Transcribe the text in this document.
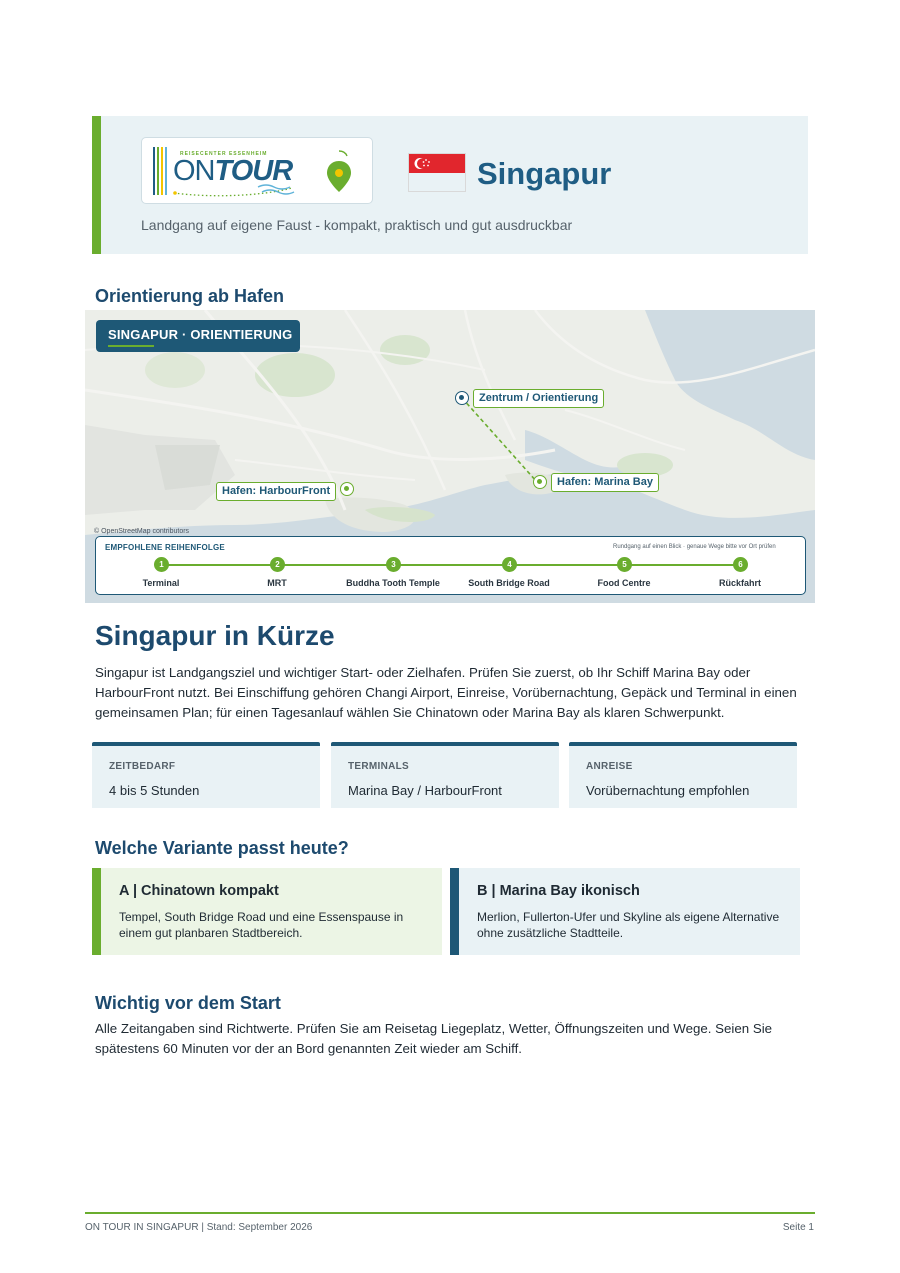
REISECENTER ESSENHEIM
ONTOUR	Singapur
Landgang auf eigene Faust - kompakt, praktisch und gut ausdruckbar
Orientierung ab Hafen
SINGAPUR · ORIENTIERUNG
Zentrum / Orientierung
Hafen: Marina Bay
Hafen: HarbourFront
© OpenStreetMap contributors
EMPFOHLENE REIHENFOLGE	Rundgang auf einen Blick · genaue Wege bitte vor Ort prüfen
1
Terminal
2
MRT
3
Buddha Tooth Temple
4
South Bridge Road
5
Food Centre
6
Rückfahrt
Singapur in Kürze

Singapur ist Landgangsziel und wichtiger Start- oder Zielhafen. Prüfen Sie zuerst, ob Ihr Schiff Marina Bay oder HarbourFront nutzt. Bei Einschiffung gehören Changi Airport, Einreise, Vorübernachtung, Gepäck und Terminal in einen gemeinsamen Plan; für einen Tagesanlauf wählen Sie Chinatown oder Marina Bay als klaren Schwerpunkt.

ZEITBEDARF
4 bis 5 Stunden
TERMINALS
Marina Bay / HarbourFront
ANREISE
Vorübernachtung empfohlen
Welche Variante passt heute?
A | Chinatown kompakt
Tempel, South Bridge Road und eine Essenspause in einem gut planbaren Stadtbereich.
B | Marina Bay ikonisch
Merlion, Fullerton-Ufer und Skyline als eigene Alternative ohne zusätzliche Stadtteile.
Wichtig vor dem Start

Alle Zeitangaben sind Richtwerte. Prüfen Sie am Reisetag Liegeplatz, Wetter, Öffnungszeiten und Wege. Seien Sie spätestens 60 Minuten vor der an Bord genannten Zeit wieder am Schiff.

ON TOUR IN SINGAPUR | Stand: September 2026	Seite 1
